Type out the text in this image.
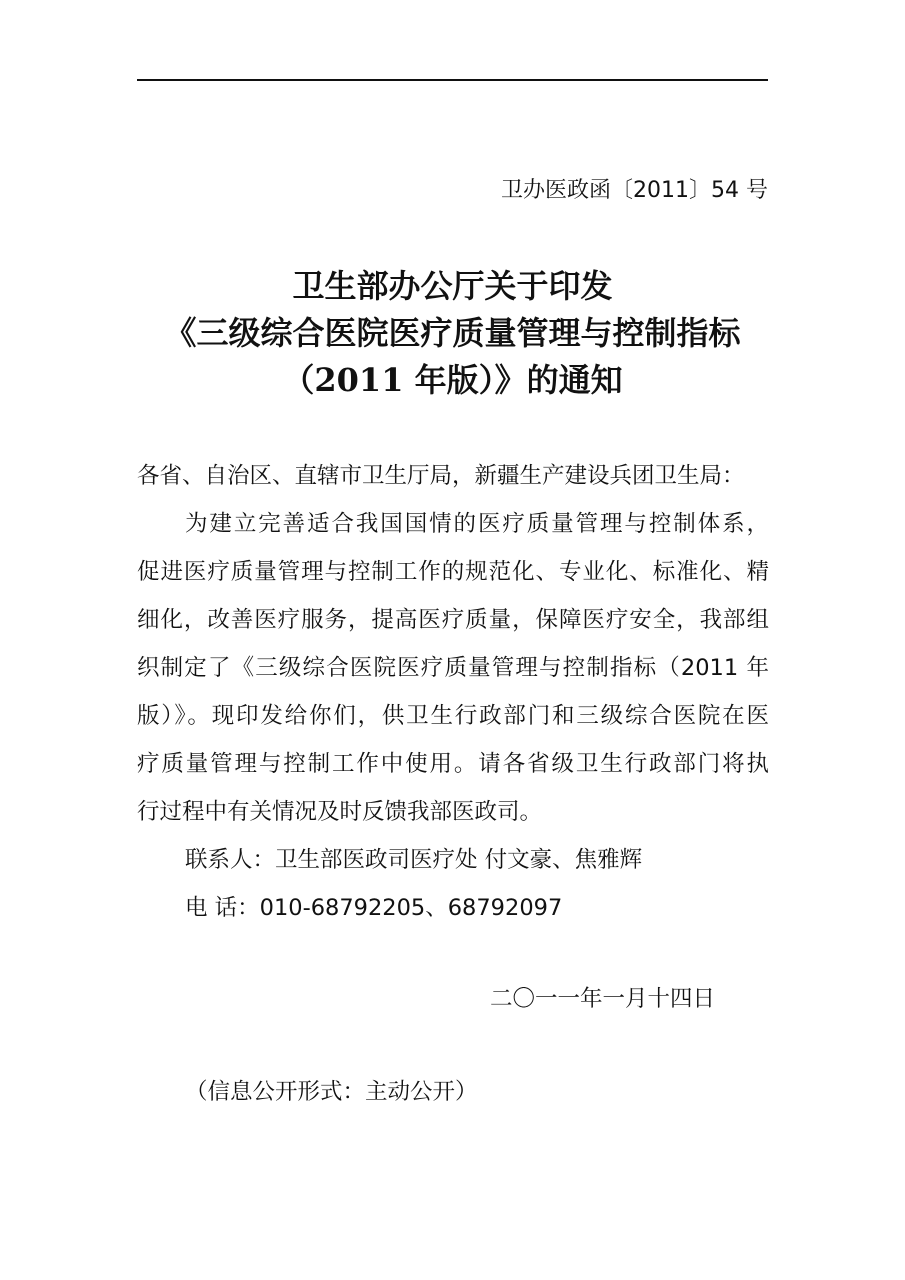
卫办医政函〔2011〕54 号
卫生部办公厅关于印发
《三级综合医院医疗质量管理与控制指标
（2011 年版）》的通知
各省、自治区、直辖市卫生厅局，新疆生产建设兵团卫生局：
为建立完善适合我国国情的医疗质量管理与控制体系，
促进医疗质量管理与控制工作的规范化、专业化、标准化、精
细化，改善医疗服务，提高医疗质量，保障医疗安全，我部组
织制定了《三级综合医院医疗质量管理与控制指标（2011 年
版）》。现印发给你们，供卫生行政部门和三级综合医院在医
疗质量管理与控制工作中使用。请各省级卫生行政部门将执
行过程中有关情况及时反馈我部医政司。
联系人：卫生部医政司医疗处 付文豪、焦雅辉
电 话：010-68792205、68792097
二〇一一年一月十四日
（信息公开形式：主动公开）
